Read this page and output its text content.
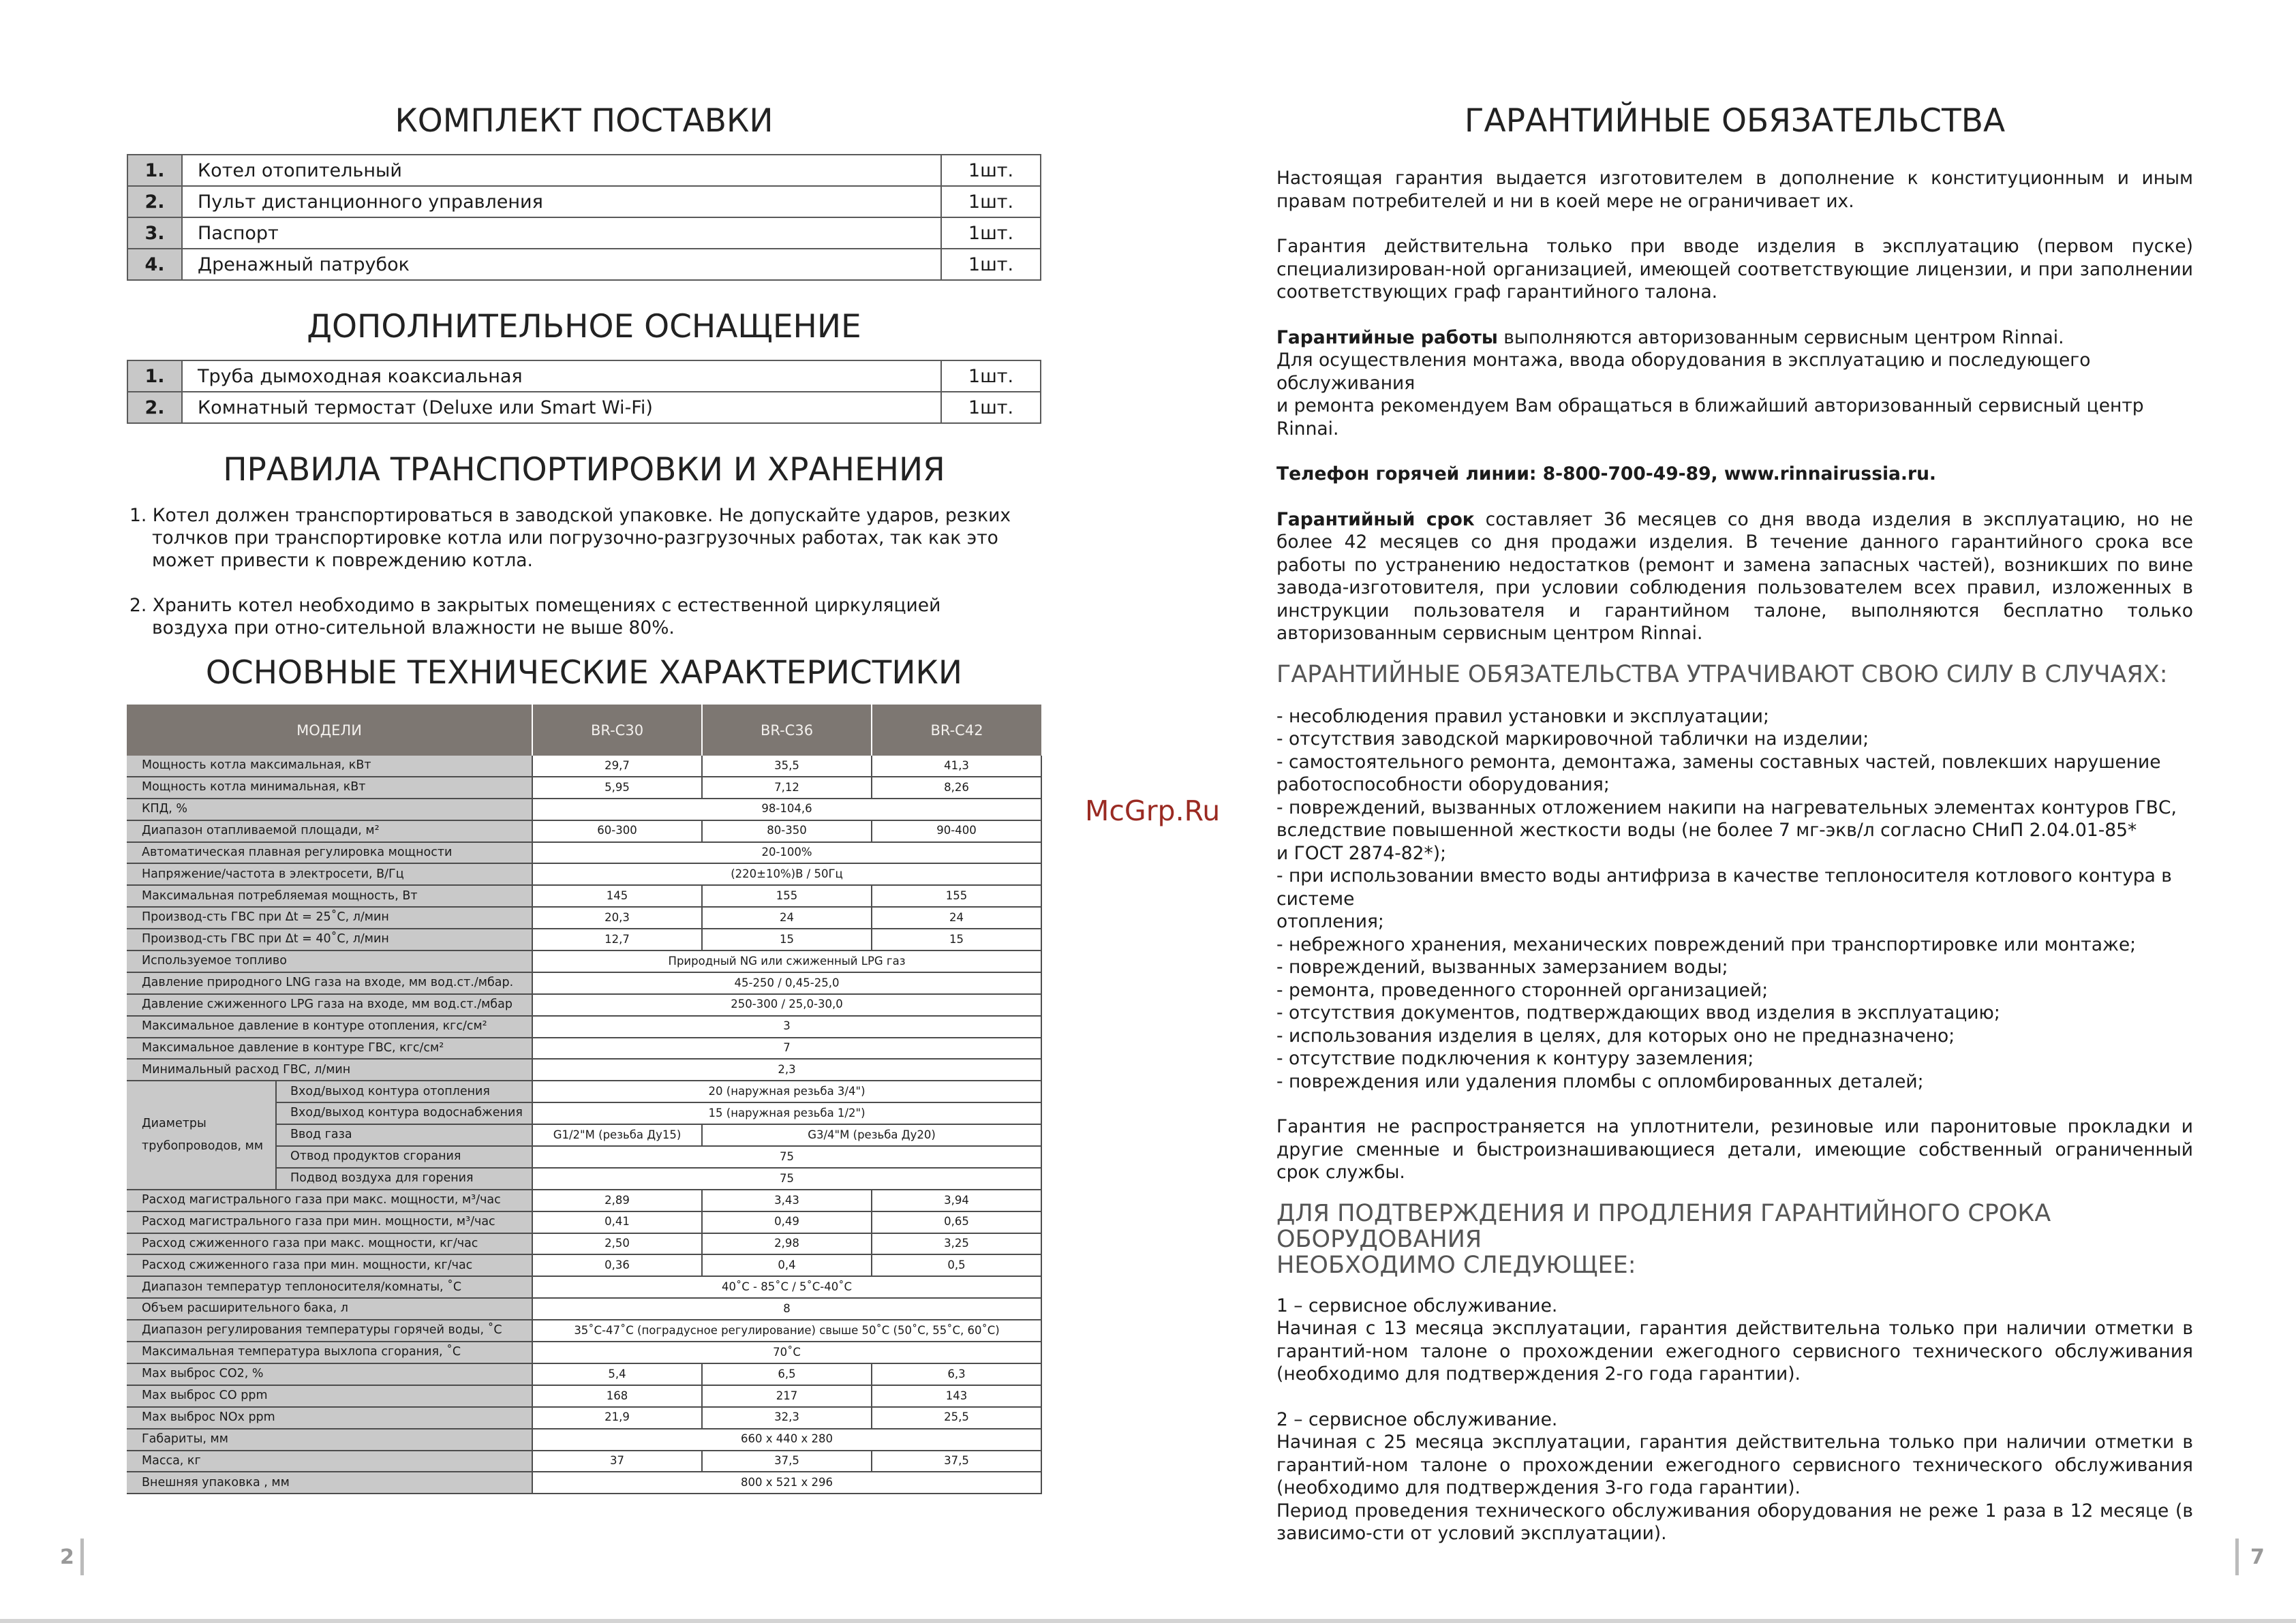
КОМПЛЕКТ ПОСТАВКИ
1.	Котел отопительный	1шт.
2.	Пульт дистанционного управления	1шт.
3.	Паспорт	1шт.
4.	Дренажный патрубок	1шт.
ДОПОЛНИТЕЛЬНОЕ ОСНАЩЕНИЕ
1.	Труба дымоходная коаксиальная	1шт.
2.	Комнатный термостат (Deluxe или Smart Wi-Fi)	1шт.
ПРАВИЛА ТРАНСПОРТИРОВКИ И ХРАНЕНИЯ
1. Котел должен транспортироваться в заводской упаковке. Не допускайте ударов, резких толчков при транспортировке котла или погрузочно-разгрузочных работах, так как это может привести к повреждению котла.
2. Хранить котел необходимо в закрытых помещениях с естественной циркуляцией воздуха при отно-сительной влажности не выше 80%.
ОСНОВНЫЕ ТЕХНИЧЕСКИЕ ХАРАКТЕРИСТИКИ
МОДЕЛИ		BR-C30	BR-C36	BR-C42
Мощность котла максимальная, кВт		29,7	35,5	41,3
Мощность котла минимальная, кВт		5,95	7,12	8,26
КПД, %		98-104,6		
Диапазон отапливаемой площади, м²		60-300	80-350	90-400
Автоматическая плавная регулировка мощности		20-100%		
Напряжение/частота в электросети, В/Гц		(220±10%)В / 50Гц		
Максимальная потребляемая мощность, Вт		145	155	155
Производ-сть ГВС при Δt = 25˚С, л/мин		20,3	24	24
Производ-сть ГВС при Δt = 40˚С, л/мин		12,7	15	15
Используемое топливо		Природный NG или сжиженный LPG газ		
Давление природного LNG газа на входе, мм вод.ст./мбар.		45-250 / 0,45-25,0		
Давление сжиженного LPG газа на входе, мм вод.ст./мбар		250-300 / 25,0-30,0		
Максимальное давление в контуре отопления, кгс/см²		3		
Максимальное давление в контуре ГВС, кгс/см²		7		
Минимальный расход ГВС, л/мин		2,3		
Диаметры трубопроводов, мм	Вход/выход контура отопления	20 (наружная резьба 3/4")		
	Вход/выход контура водоснабжения	15 (наружная резьба 1/2")		
	Ввод газа	G1/2"М (резьба Ду15)	G3/4"М (резьба Ду20)	
	Отвод продуктов сгорания	75		
	Подвод воздуха для горения	75		
Расход магистрального газа при макс. мощности, м³/час		2,89	3,43	3,94
Расход магистрального газа при мин. мощности, м³/час		0,41	0,49	0,65
Расход сжиженного газа при макс. мощности, кг/час		2,50	2,98	3,25
Расход сжиженного газа при мин. мощности, кг/час		0,36	0,4	0,5
Диапазон температур теплоносителя/комнаты, ˚С		40˚С - 85˚С / 5˚С-40˚С		
Объем расширительного бака, л		8		
Диапазон регулирования температуры горячей воды, ˚С		35˚С-47˚С (поградусное регулирование) свыше 50˚С (50˚С, 55˚С, 60˚С)		
Максимальная температура выхлопа сгорания, ˚С		70˚С		
Max выброс CO2, %		5,4	6,5	6,3
Max выброс CO ppm		168	217	143
Max выброс NOx ppm		21,9	32,3	25,5
Габариты, мм		660 х 440 х 280		
Масса, кг		37	37,5	37,5
Внешняя упаковка , мм		800 х 521 х 296		
ГАРАНТИЙНЫЕ ОБЯЗАТЕЛЬСТВА

Настоящая гарантия выдается изготовителем в дополнение к конституционным и иным правам потребителей и ни в коей мере не ограничивает их.

Гарантия действительна только при вводе изделия в эксплуатацию (первом пуске) специализирован-ной организацией, имеющей соответствующие лицензии, и при заполнении соответствующих граф гарантийного талона.

Гарантийные работы выполняются авторизованным сервисным центром Rinnai.

Для осуществления монтажа, ввода оборудования в эксплуатацию и последующего обслуживания

и ремонта рекомендуем Вам обращаться в ближайший авторизованный сервисный центр Rinnai.

Телефон горячей линии: 8-800-700-49-89, www.rinnairussia.ru.

Гарантийный срок составляет 36 месяцев со дня ввода изделия в эксплуатацию, но не более 42 месяцев со дня продажи изделия. В течение данного гарантийного срока все работы по устранению недостатков (ремонт и замена запасных частей), возникших по вине завода-изготовителя, при условии соблюдения пользователем всех правил, изложенных в инструкции пользователя и гарантийном талоне, выполняются бесплатно только авторизованным сервисным центром Rinnai.

ГАРАНТИЙНЫЕ ОБЯЗАТЕЛЬСТВА УТРАЧИВАЮТ СВОЮ СИЛУ В СЛУЧАЯХ:

- несоблюдения правил установки и эксплуатации;

- отсутствия заводской маркировочной таблички на изделии;

- самостоятельного ремонта, демонтажа, замены составных частей, повлекших нарушение

работоспособности оборудования;

- повреждений, вызванных отложением накипи на нагревательных элементах контуров ГВС,

вследствие повышенной жесткости воды (не более 7 мг-экв/л согласно СНиП 2.04.01-85*

и ГОСТ 2874-82*);

- при использовании вместо воды антифриза в качестве теплоносителя котлового контура в системе

отопления;

- небрежного хранения, механических повреждений при транспортировке или монтаже;

- повреждений, вызванных замерзанием воды;

- ремонта, проведенного сторонней организацией;

- отсутствия документов, подтверждающих ввод изделия в эксплуатацию;

- использования изделия в целях, для которых оно не предназначено;

- отсутствие подключения к контуру заземления;

- повреждения или удаления пломбы с опломбированных деталей;

Гарантия не распространяется на уплотнители, резиновые или паронитовые прокладки и другие сменные и быстроизнашивающиеся детали, имеющие собственный ограниченный срок службы.

ДЛЯ ПОДТВЕРЖДЕНИЯ И ПРОДЛЕНИЯ ГАРАНТИЙНОГО СРОКА ОБОРУДОВАНИЯ
НЕОБХОДИМО СЛЕДУЮЩЕЕ:

1 – сервисное обслуживание.

Начиная с 13 месяца эксплуатации, гарантия действительна только при наличии отметки в гарантий-ном талоне о прохождении ежегодного сервисного технического обслуживания (необходимо для подтверждения 2-го года гарантии).

2 – сервисное обслуживание.

Начиная с 25 месяца эксплуатации, гарантия действительна только при наличии отметки в гарантий-ном талоне о прохождении ежегодного сервисного технического обслуживания (необходимо для подтверждения 3-го года гарантии).

Период проведения технического обслуживания оборудования не реже 1 раза в 12 месяце (в зависимо-сти от условий эксплуатации).

McGrp.Ru
2	7
